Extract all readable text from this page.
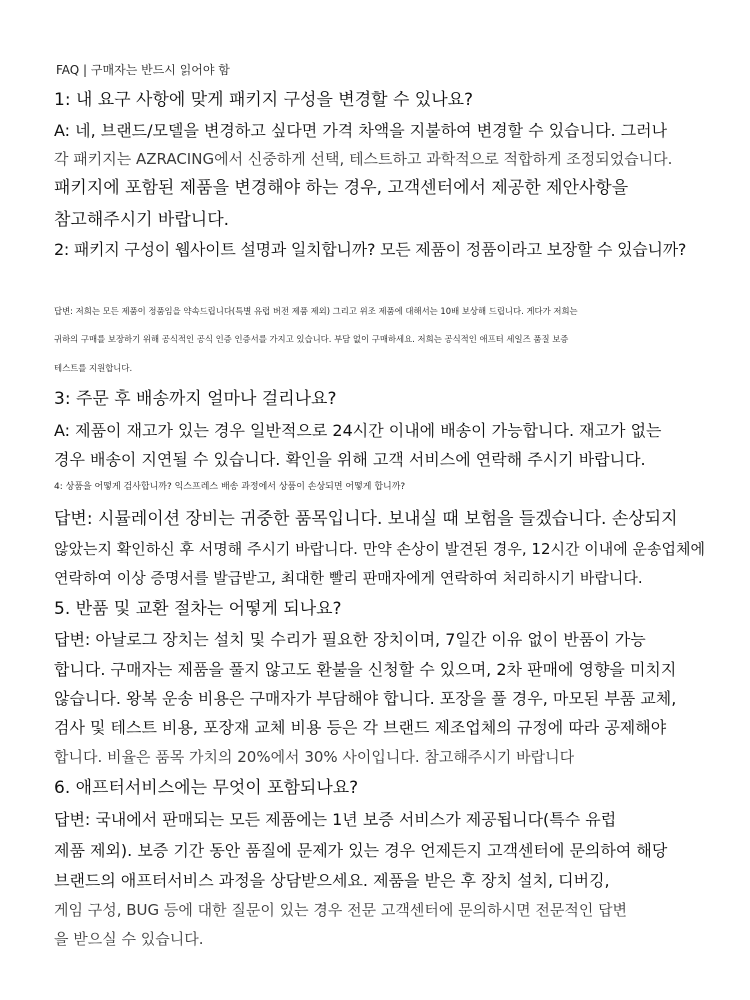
FAQ | 구매자는 반드시 읽어야 함

1: 내 요구 사항에 맞게 패키지 구성을 변경할 수 있나요?

A: 네, 브랜드/모델을 변경하고 싶다면 가격 차액을 지불하여 변경할 수 있습니다. 그러나

각 패키지는 AZRACING에서 신중하게 선택, 테스트하고 과학적으로 적합하게 조정되었습니다.

패키지에 포함된 제품을 변경해야 하는 경우, 고객센터에서 제공한 제안사항을

참고해주시기 바랍니다.

2: 패키지 구성이 웹사이트 설명과 일치합니까? 모든 제품이 정품이라고 보장할 수 있습니까?

답변: 저희는 모든 제품이 정품임을 약속드립니다(특별 유럽 버전 제품 제외) 그리고 위조 제품에 대해서는 10배 보상해 드립니다. 게다가 저희는

귀하의 구매를 보장하기 위해 공식적인 공식 인증 인증서를 가지고 있습니다. 부담 없이 구매하세요. 저희는 공식적인 애프터 세일즈 품질 보증

테스트를 지원합니다.

3: 주문 후 배송까지 얼마나 걸리나요?

A: 제품이 재고가 있는 경우 일반적으로 24시간 이내에 배송이 가능합니다. 재고가 없는

경우 배송이 지연될 수 있습니다. 확인을 위해 고객 서비스에 연락해 주시기 바랍니다.

4: 상품을 어떻게 검사합니까? 익스프레스 배송 과정에서 상품이 손상되면 어떻게 합니까?

답변: 시뮬레이션 장비는 귀중한 품목입니다. 보내실 때 보험을 들겠습니다. 손상되지

않았는지 확인하신 후 서명해 주시기 바랍니다. 만약 손상이 발견된 경우, 12시간 이내에 운송업체에

연락하여 이상 증명서를 발급받고, 최대한 빨리 판매자에게 연락하여 처리하시기 바랍니다.

5. 반품 및 교환 절차는 어떻게 되나요?

답변: 아날로그 장치는 설치 및 수리가 필요한 장치이며, 7일간 이유 없이 반품이 가능

합니다. 구매자는 제품을 풀지 않고도 환불을 신청할 수 있으며, 2차 판매에 영향을 미치지

않습니다. 왕복 운송 비용은 구매자가 부담해야 합니다. 포장을 풀 경우, 마모된 부품 교체,

검사 및 테스트 비용, 포장재 교체 비용 등은 각 브랜드 제조업체의 규정에 따라 공제해야

합니다. 비율은 품목 가치의 20%에서 30% 사이입니다. 참고해주시기 바랍니다

6. 애프터서비스에는 무엇이 포함되나요?

답변: 국내에서 판매되는 모든 제품에는 1년 보증 서비스가 제공됩니다(특수 유럽

제품 제외). 보증 기간 동안 품질에 문제가 있는 경우 언제든지 고객센터에 문의하여 해당

브랜드의 애프터서비스 과정을 상담받으세요. 제품을 받은 후 장치 설치, 디버깅,

게임 구성, BUG 등에 대한 질문이 있는 경우 전문 고객센터에 문의하시면 전문적인 답변

을 받으실 수 있습니다.
